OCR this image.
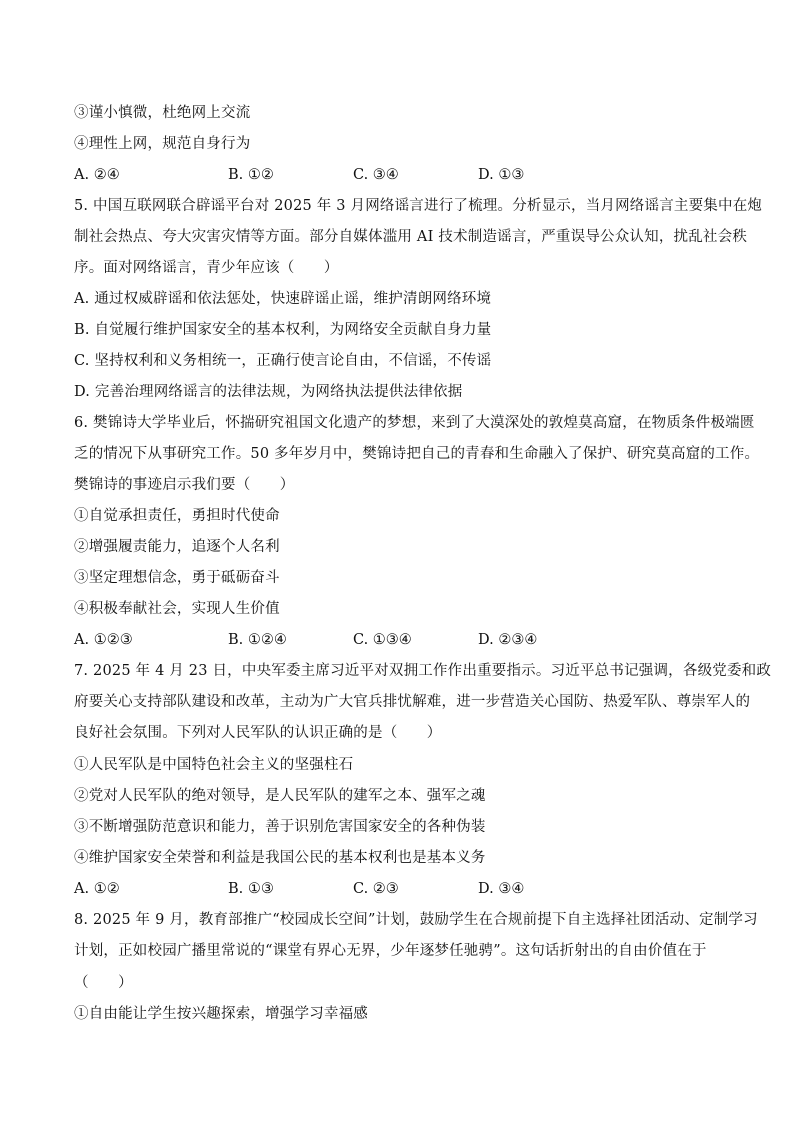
③谨小慎微，杜绝网上交流
④理性上网，规范自身行为
A. ②④	B. ①②	C. ③④	D. ①③
5. 中国互联网联合辟谣平台对 2025 年 3 月网络谣言进行了梳理。分析显示，当月网络谣言主要集中在炮
制社会热点、夸大灾害灾情等方面。部分自媒体滥用 AI 技术制造谣言，严重误导公众认知，扰乱社会秩
序。面对网络谣言，青少年应该（　　）
A. 通过权威辟谣和依法惩处，快速辟谣止谣，维护清朗网络环境
B. 自觉履行维护国家安全的基本权利，为网络安全贡献自身力量
C. 坚持权利和义务相统一，正确行使言论自由，不信谣，不传谣
D. 完善治理网络谣言的法律法规，为网络执法提供法律依据
6. 樊锦诗大学毕业后，怀揣研究祖国文化遗产的梦想，来到了大漠深处的敦煌莫高窟，在物质条件极端匮
乏的情况下从事研究工作。50 多年岁月中，樊锦诗把自己的青春和生命融入了保护、研究莫高窟的工作。
樊锦诗的事迹启示我们要（　　）
①自觉承担责任，勇担时代使命
②增强履责能力，追逐个人名利
③坚定理想信念，勇于砥砺奋斗
④积极奉献社会，实现人生价值
A. ①②③	B. ①②④	C. ①③④	D. ②③④
7. 2025 年 4 月 23 日，中央军委主席习近平对双拥工作作出重要指示。习近平总书记强调，各级党委和政
府要关心支持部队建设和改革，主动为广大官兵排忧解难，进一步营造关心国防、热爱军队、尊崇军人的
良好社会氛围。下列对人民军队的认识正确的是（　　）
①人民军队是中国特色社会主义的坚强柱石
②党对人民军队的绝对领导，是人民军队的建军之本、强军之魂
③不断增强防范意识和能力，善于识别危害国家安全的各种伪装
④维护国家安全荣誉和利益是我国公民的基本权利也是基本义务
A. ①②	B. ①③	C. ②③	D. ③④
8. 2025 年 9 月，教育部推广“校园成长空间”计划，鼓励学生在合规前提下自主选择社团活动、定制学习
计划，正如校园广播里常说的“课堂有界心无界，少年逐梦任驰骋”。这句话折射出的自由价值在于
（　　）
①自由能让学生按兴趣探索，增强学习幸福感
